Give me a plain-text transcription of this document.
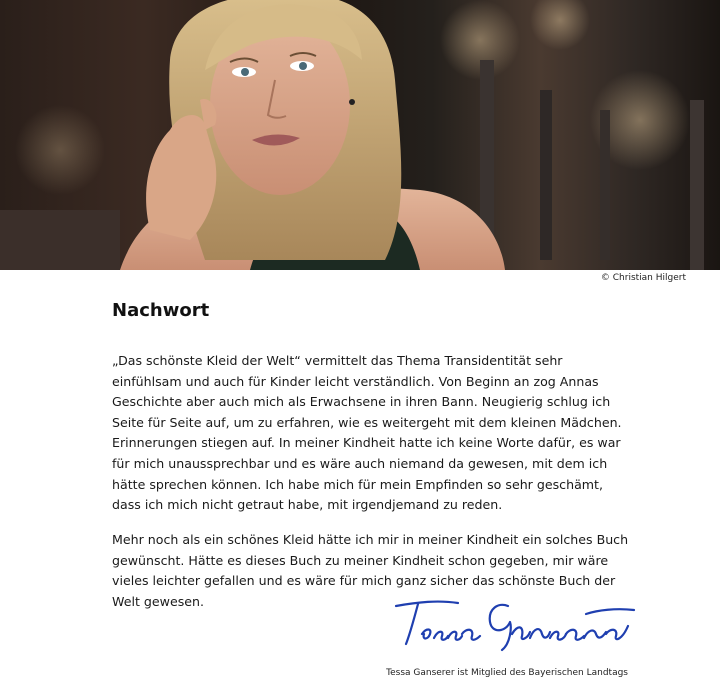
© Christian Hilgert
Nachwort

„Das schönste Kleid der Welt“ vermittelt das Thema Transidentität sehr einfühlsam und auch für Kinder leicht verständlich. Von Beginn an zog Annas Geschichte aber auch mich als Erwachsene in ihren Bann. Neugierig schlug ich Seite für Seite auf, um zu erfahren, wie es weitergeht mit dem kleinen Mädchen. Erinnerungen stiegen auf. In meiner Kindheit hatte ich keine Worte dafür, es war für mich unaussprechbar und es wäre auch niemand da gewesen, mit dem ich hätte sprechen können. Ich habe mich für mein Empfinden so sehr geschämt, dass ich mich nicht getraut habe, mit irgendjemand zu reden.

Mehr noch als ein schönes Kleid hätte ich mir in meiner Kindheit ein solches Buch gewünscht. Hätte es dieses Buch zu meiner Kindheit schon gegeben, mir wäre vieles leichter gefallen und es wäre für mich ganz sicher das schönste Buch der Welt gewesen.

Tessa Ganserer ist Mitglied des Bayerischen Landtags
